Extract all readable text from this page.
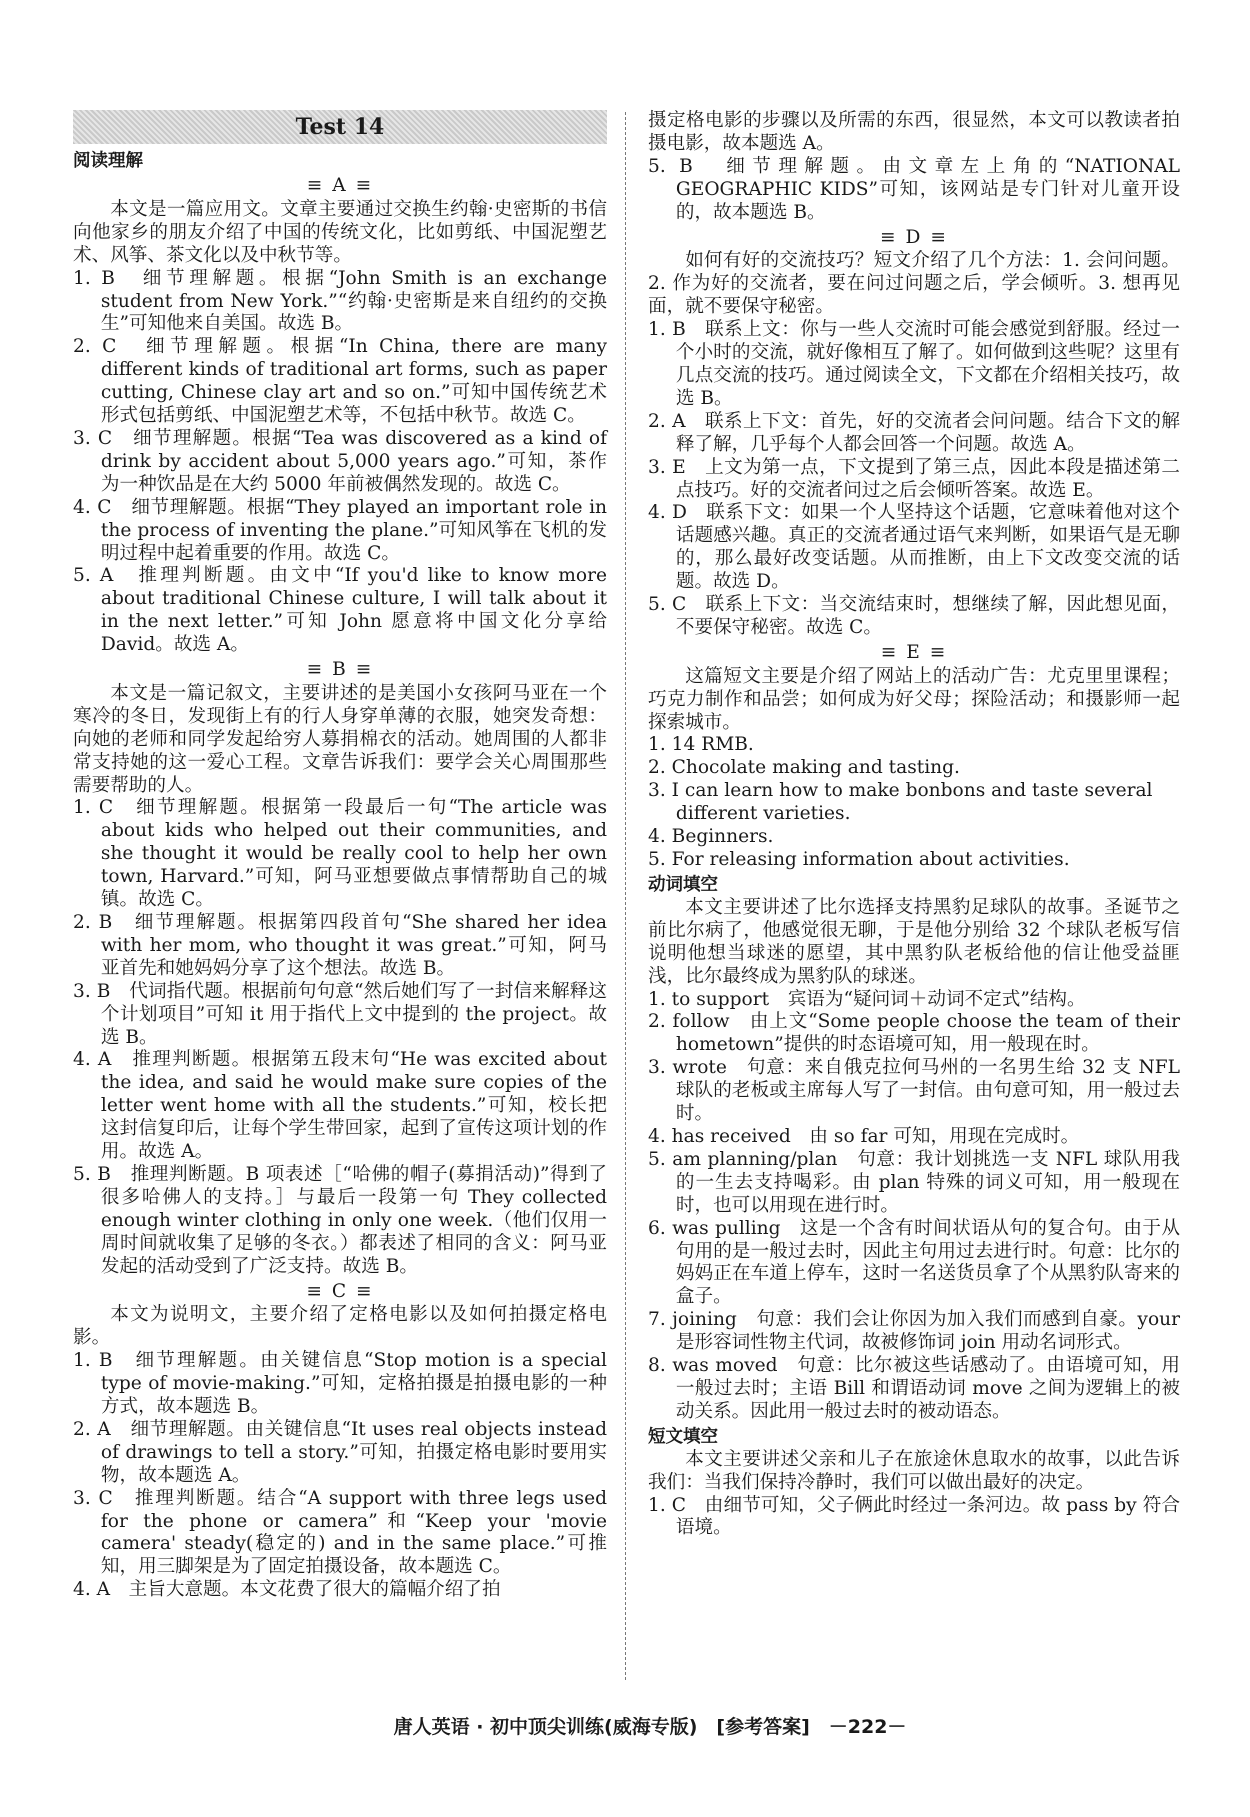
Test 14
阅读理解
≡ A ≡

本文是一篇应用文。文章主要通过交换生约翰·史密斯的书信向他家乡的朋友介绍了中国的传统文化，比如剪纸、中国泥塑艺术、风筝、茶文化以及中秋节等。

1. B　细节理解题。根据“John Smith is an exchange student from New York.”“约翰·史密斯是来自纽约的交换生”可知他来自美国。故选 B。

2. C　细节理解题。根据“In China, there are many different kinds of traditional art forms, such as paper cutting, Chinese clay art and so on.”可知中国传统艺术形式包括剪纸、中国泥塑艺术等，不包括中秋节。故选 C。

3. C　细节理解题。根据“Tea was discovered as a kind of drink by accident about 5,000 years ago.”可知，茶作为一种饮品是在大约 5000 年前被偶然发现的。故选 C。

4. C　细节理解题。根据“They played an important role in the process of inventing the plane.”可知风筝在飞机的发明过程中起着重要的作用。故选 C。

5. A　推理判断题。由文中“If you'd like to know more about traditional Chinese culture, I will talk about it in the next letter.”可知 John 愿意将中国文化分享给 David。故选 A。

≡ B ≡

本文是一篇记叙文，主要讲述的是美国小女孩阿马亚在一个寒冷的冬日，发现街上有的行人身穿单薄的衣服，她突发奇想：向她的老师和同学发起给穷人募捐棉衣的活动。她周围的人都非常支持她的这一爱心工程。文章告诉我们：要学会关心周围那些需要帮助的人。

1. C　细节理解题。根据第一段最后一句“The article was about kids who helped out their communities, and she thought it would be really cool to help her own town, Harvard.”可知，阿马亚想要做点事情帮助自己的城镇。故选 C。

2. B　细节理解题。根据第四段首句“She shared her idea with her mom, who thought it was great.”可知，阿马亚首先和她妈妈分享了这个想法。故选 B。

3. B　代词指代题。根据前句句意“然后她们写了一封信来解释这个计划项目”可知 it 用于指代上文中提到的 the project。故选 B。

4. A　推理判断题。根据第五段末句“He was excited about the idea, and said he would make sure copies of the letter went home with all the students.”可知，校长把这封信复印后，让每个学生带回家，起到了宣传这项计划的作用。故选 A。

5. B　推理判断题。B 项表述［“哈佛的帽子(募捐活动)”得到了很多哈佛人的支持。］与最后一段第一句 They collected enough winter clothing in only one week.（他们仅用一周时间就收集了足够的冬衣。）都表述了相同的含义：阿马亚发起的活动受到了广泛支持。故选 B。

≡ C ≡

本文为说明文，主要介绍了定格电影以及如何拍摄定格电影。

1. B　细节理解题。由关键信息“Stop motion is a special type of movie-making.”可知，定格拍摄是拍摄电影的一种方式，故本题选 B。

2. A　细节理解题。由关键信息“It uses real objects instead of drawings to tell a story.”可知，拍摄定格电影时要用实物，故本题选 A。

3. C　推理判断题。结合“A support with three legs used for the phone or camera”和“Keep your 'movie camera' steady(稳定的) and in the same place.”可推知，用三脚架是为了固定拍摄设备，故本题选 C。

4. A　主旨大意题。本文花费了很大的篇幅介绍了拍

摄定格电影的步骤以及所需的东西，很显然，本文可以教读者拍摄电影，故本题选 A。

5. B　细节理解题。由文章左上角的“NATIONAL GEOGRAPHIC KIDS”可知，该网站是专门针对儿童开设的，故本题选 B。

≡ D ≡

如何有好的交流技巧？短文介绍了几个方法：1. 会问问题。2. 作为好的交流者，要在问过问题之后，学会倾听。3. 想再见面，就不要保守秘密。

1. B　联系上文：你与一些人交流时可能会感觉到舒服。经过一个小时的交流，就好像相互了解了。如何做到这些呢？这里有几点交流的技巧。通过阅读全文，下文都在介绍相关技巧，故选 B。

2. A　联系上下文：首先，好的交流者会问问题。结合下文的解释了解，几乎每个人都会回答一个问题。故选 A。

3. E　上文为第一点，下文提到了第三点，因此本段是描述第二点技巧。好的交流者问过之后会倾听答案。故选 E。

4. D　联系下文：如果一个人坚持这个话题，它意味着他对这个话题感兴趣。真正的交流者通过语气来判断，如果语气是无聊的，那么最好改变话题。从而推断，由上下文改变交流的话题。故选 D。

5. C　联系上下文：当交流结束时，想继续了解，因此想见面，不要保守秘密。故选 C。

≡ E ≡

这篇短文主要是介绍了网站上的活动广告：尤克里里课程；巧克力制作和品尝；如何成为好父母；探险活动；和摄影师一起探索城市。

1. 14 RMB.

2. Chocolate making and tasting.

3. I can learn how to make bonbons and taste several different varieties.

4. Beginners.

5. For releasing information about activities.

动词填空

本文主要讲述了比尔选择支持黑豹足球队的故事。圣诞节之前比尔病了，他感觉很无聊，于是他分别给 32 个球队老板写信说明他想当球迷的愿望，其中黑豹队老板给他的信让他受益匪浅，比尔最终成为黑豹队的球迷。

1. to support　宾语为“疑问词＋动词不定式”结构。

2. follow　由上文“Some people choose the team of their hometown”提供的时态语境可知，用一般现在时。

3. wrote　句意：来自俄克拉何马州的一名男生给 32 支 NFL 球队的老板或主席每人写了一封信。由句意可知，用一般过去时。

4. has received　由 so far 可知，用现在完成时。

5. am planning/plan　句意：我计划挑选一支 NFL 球队用我的一生去支持喝彩。由 plan 特殊的词义可知，用一般现在时，也可以用现在进行时。

6. was pulling　这是一个含有时间状语从句的复合句。由于从句用的是一般过去时，因此主句用过去进行时。句意：比尔的妈妈正在车道上停车，这时一名送货员拿了个从黑豹队寄来的盒子。

7. joining　句意：我们会让你因为加入我们而感到自豪。your 是形容词性物主代词，故被修饰词 join 用动名词形式。

8. was moved　句意：比尔被这些话感动了。由语境可知，用一般过去时；主语 Bill 和谓语动词 move 之间为逻辑上的被动关系。因此用一般过去时的被动语态。

短文填空

本文主要讲述父亲和儿子在旅途休息取水的故事，以此告诉我们：当我们保持冷静时，我们可以做出最好的决定。

1. C　由细节可知，父子俩此时经过一条河边。故 pass by 符合语境。

唐人英语 · 初中顶尖训练(威海专版)　[参考答案]　－222－
